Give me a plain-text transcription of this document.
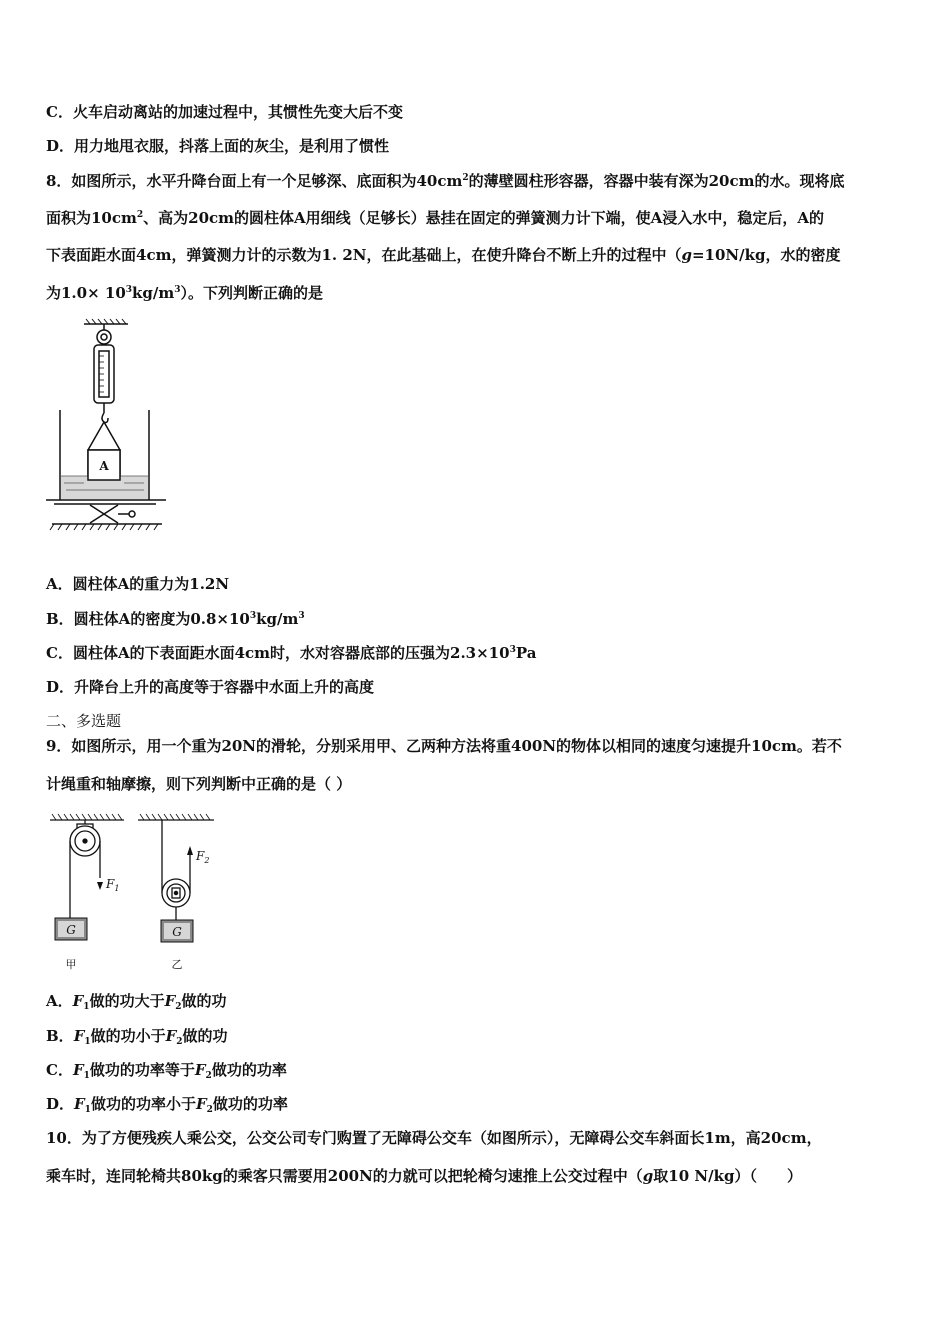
C．火车启动离站的加速过程中，其惯性先变大后不变
D．用力地甩衣服，抖落上面的灰尘，是利用了惯性
8．如图所示，水平升降台面上有一个足够深、底面积为$40cm^2$的薄壁圆柱形容器，容器中装有深为20cm的水。现将底
面积为$10cm^2$、高为20cm的圆柱体A用细线（足够长）悬挂在固定的弹簧测力计下端，使A浸入水中，稳定后，A的
下表面距水面4cm，弹簧测力计的示数为1. 2N，在此基础上，在使升降台不断上升的过程中（g=10N/kg，水的密度
为$1.0\times 10^3kg/m^3$）。下列判断正确的是
A
A．圆柱体A的重力为1.2N
B．圆柱体A的密度为$0.8\times 10^3kg/m^3$
C．圆柱体A的下表面距水面4cm时，水对容器底部的压强为$2.3\times 10^3Pa$
D．升降台上升的高度等于容器中水面上升的高度
二、多选题
9．如图所示，用一个重为20N的滑轮，分别采用甲、乙两种方法将重400N的物体以相同的速度匀速提升10cm。若不
计绳重和轴摩擦，则下列判断中正确的是（ ）
$F_1$
G
甲
$F_2$
G
乙
A．$F_1$做的功大于$F_2$做的功
B．$F_1$做的功小于$F_2$做的功
C．$F_1$做功的功率等于$F_2$做功的功率
D．$F_1$做功的功率小于$F_2$做功的功率
10．为了方便残疾人乘公交，公交公司专门购置了无障碍公交车（如图所示），无障碍公交车斜面长1m，高20cm，
乘车时，连同轮椅共80kg的乘客只需要用200N的力就可以把轮椅匀速推上公交过程中（g取10 N/kg）（　　）
